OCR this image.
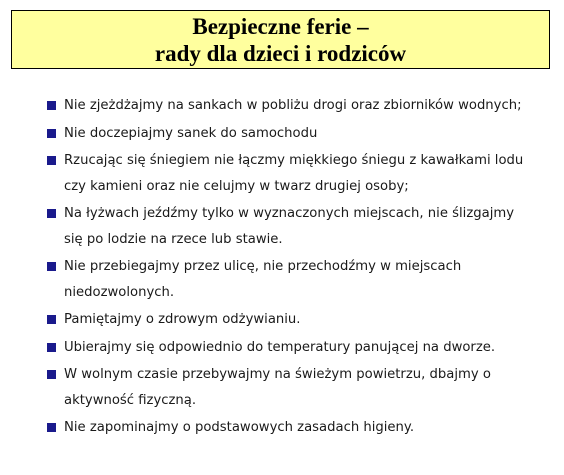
Bezpieczne ferie –
rady dla dzieci i rodziców
Nie zjeżdżajmy na sankach w pobliżu drogi oraz zbiorników wodnych;
Nie doczepiajmy sanek do samochodu
Rzucając się śniegiem nie łączmy miękkiego śniegu z kawałkami lodu czy kamieni oraz nie celujmy w twarz drugiej osoby;
Na łyżwach jeźdźmy tylko w wyznaczonych miejscach, nie ślizgajmy się po lodzie na rzece lub stawie.
Nie przebiegajmy przez ulicę, nie przechodźmy w miejscach niedozwolonych.
Pamiętajmy o zdrowym odżywianiu.
Ubierajmy się odpowiednio do temperatury panującej na dworze.
W wolnym czasie przebywajmy na świeżym powietrzu, dbajmy o aktywność fizyczną.
Nie zapominajmy o podstawowych zasadach higieny.
